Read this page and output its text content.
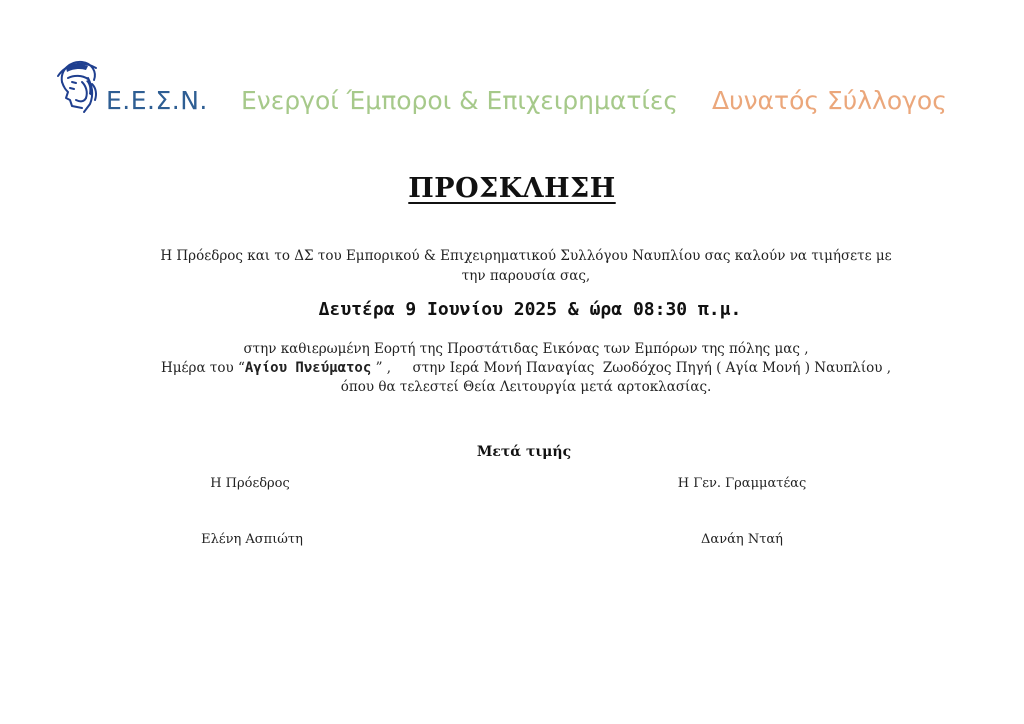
Ε.Ε.Σ.Ν. Ενεργοί Έμποροι & Επιχειρηματίες Δυνατός Σύλλογος
ΠΡΟΣΚΛΗΣΗ
Η Πρόεδρος και το ΔΣ του Εμπορικού & Επιχειρηματικού Συλλόγου Ναυπλίου σας καλούν να τιμήσετε με
την παρουσία σας,
Δευτέρα 9 Ιουνίου 2025 & ώρα 08:30 π.μ.
στην καθιερωμένη Εορτή της Προστάτιδας Εικόνας των Εμπόρων της πόλης μας ,
Ημέρα του “Αγίου Πνεύματος ” ,     στην Ιερά Μονή Παναγίας  Ζωοδόχος Πηγή ( Αγία Μονή ) Ναυπλίου ,
όπου θα τελεστεί Θεία Λειτουργία μετά αρτοκλασίας.
Μετά τιμής
Η Πρόεδρος	Η Γεν. Γραμματέας
Ελένη Ασπιώτη	Δανάη Νταή
